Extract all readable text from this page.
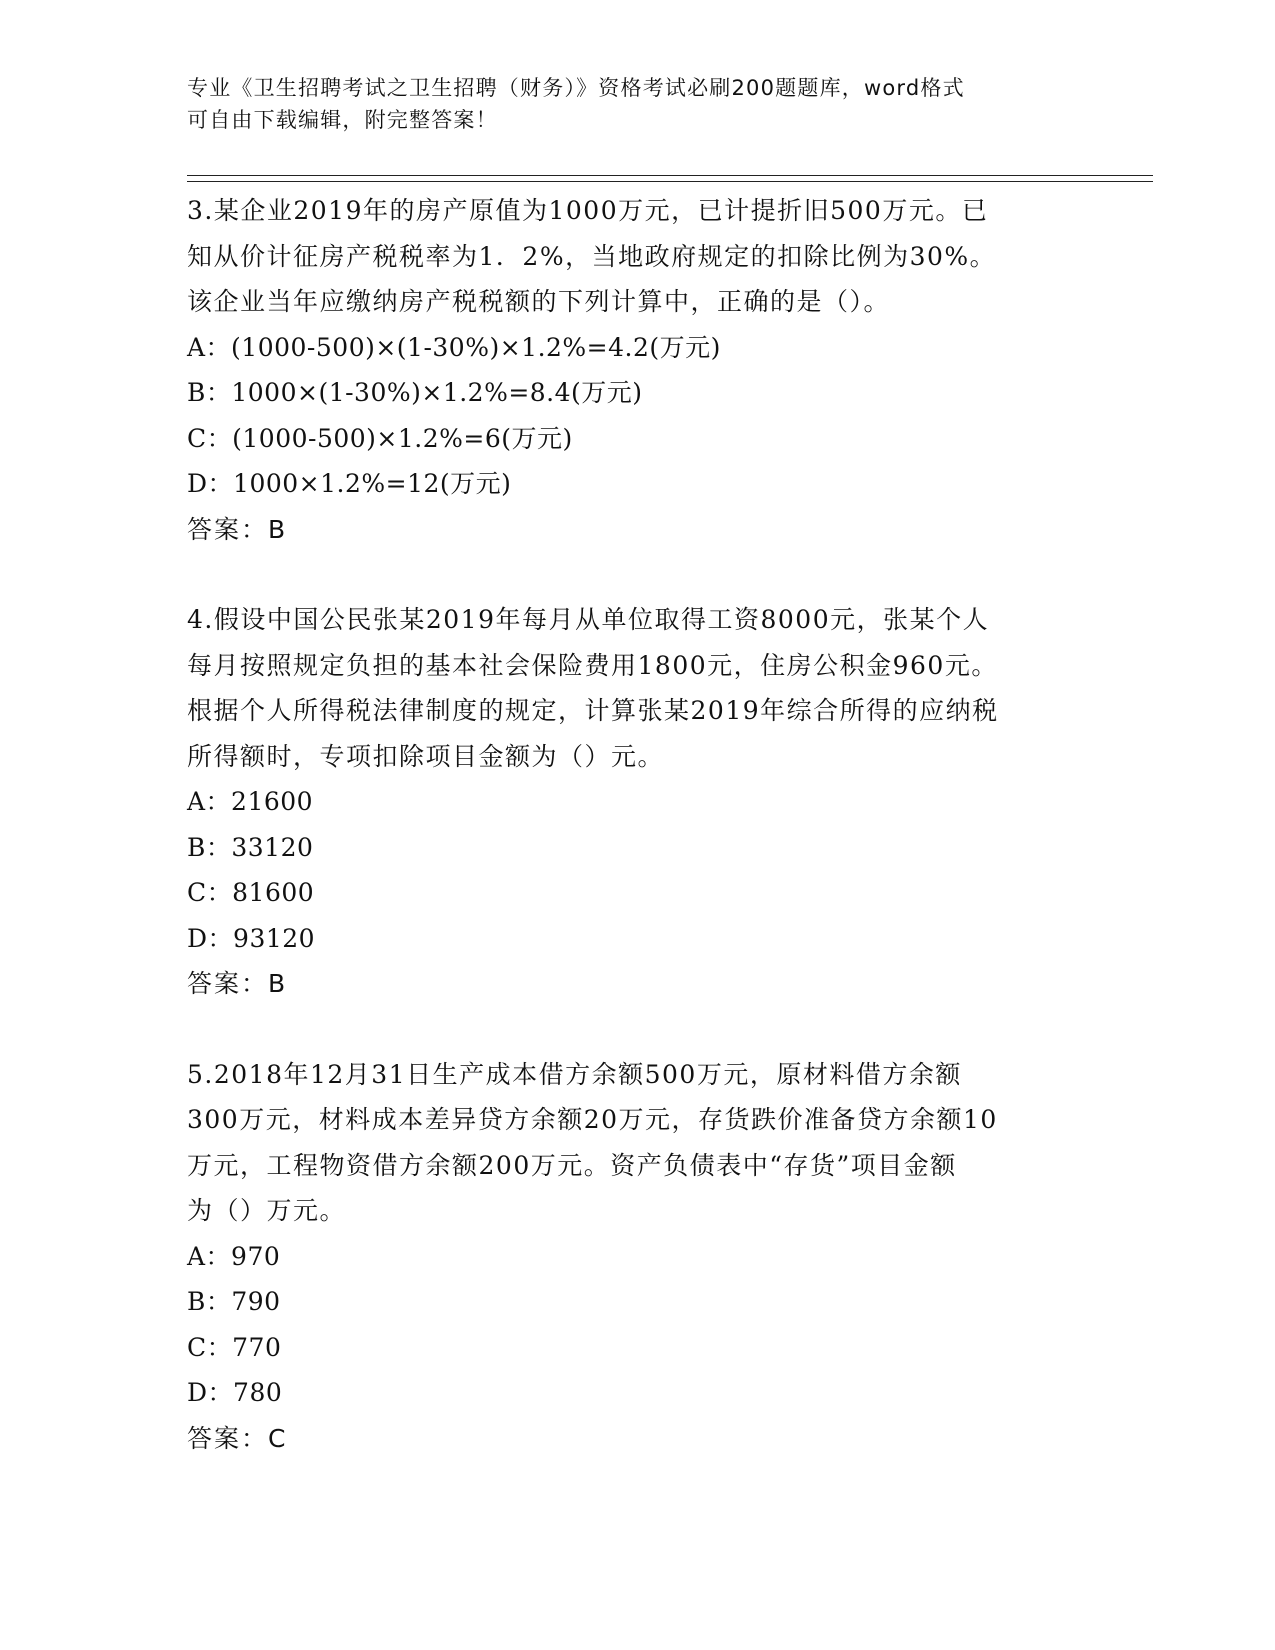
专业《卫生招聘考试之卫生招聘（财务）》资格考试必刷200题题库，word格式
可自由下载编辑，附完整答案！
3.某企业2019年的房产原值为1000万元，已计提折旧500万元。已
知从价计征房产税税率为1．2%，当地政府规定的扣除比例为30%。
该企业当年应缴纳房产税税额的下列计算中，正确的是（）。
A：(1000-500)×(1-30%)×1.2%=4.2(万元)
B：1000×(1-30%)×1.2%=8.4(万元)
C：(1000-500)×1.2%=6(万元)
D：1000×1.2%=12(万元)
答案：B
4.假设中国公民张某2019年每月从单位取得工资8000元，张某个人
每月按照规定负担的基本社会保险费用1800元，住房公积金960元。
根据个人所得税法律制度的规定，计算张某2019年综合所得的应纳税
所得额时，专项扣除项目金额为（）元。
A：21600
B：33120
C：81600
D：93120
答案：B
5.2018年12月31日生产成本借方余额500万元，原材料借方余额
300万元，材料成本差异贷方余额20万元，存货跌价准备贷方余额10
万元，工程物资借方余额200万元。资产负债表中“存货”项目金额
为（）万元。
A：970
B：790
C：770
D：780
答案：C
